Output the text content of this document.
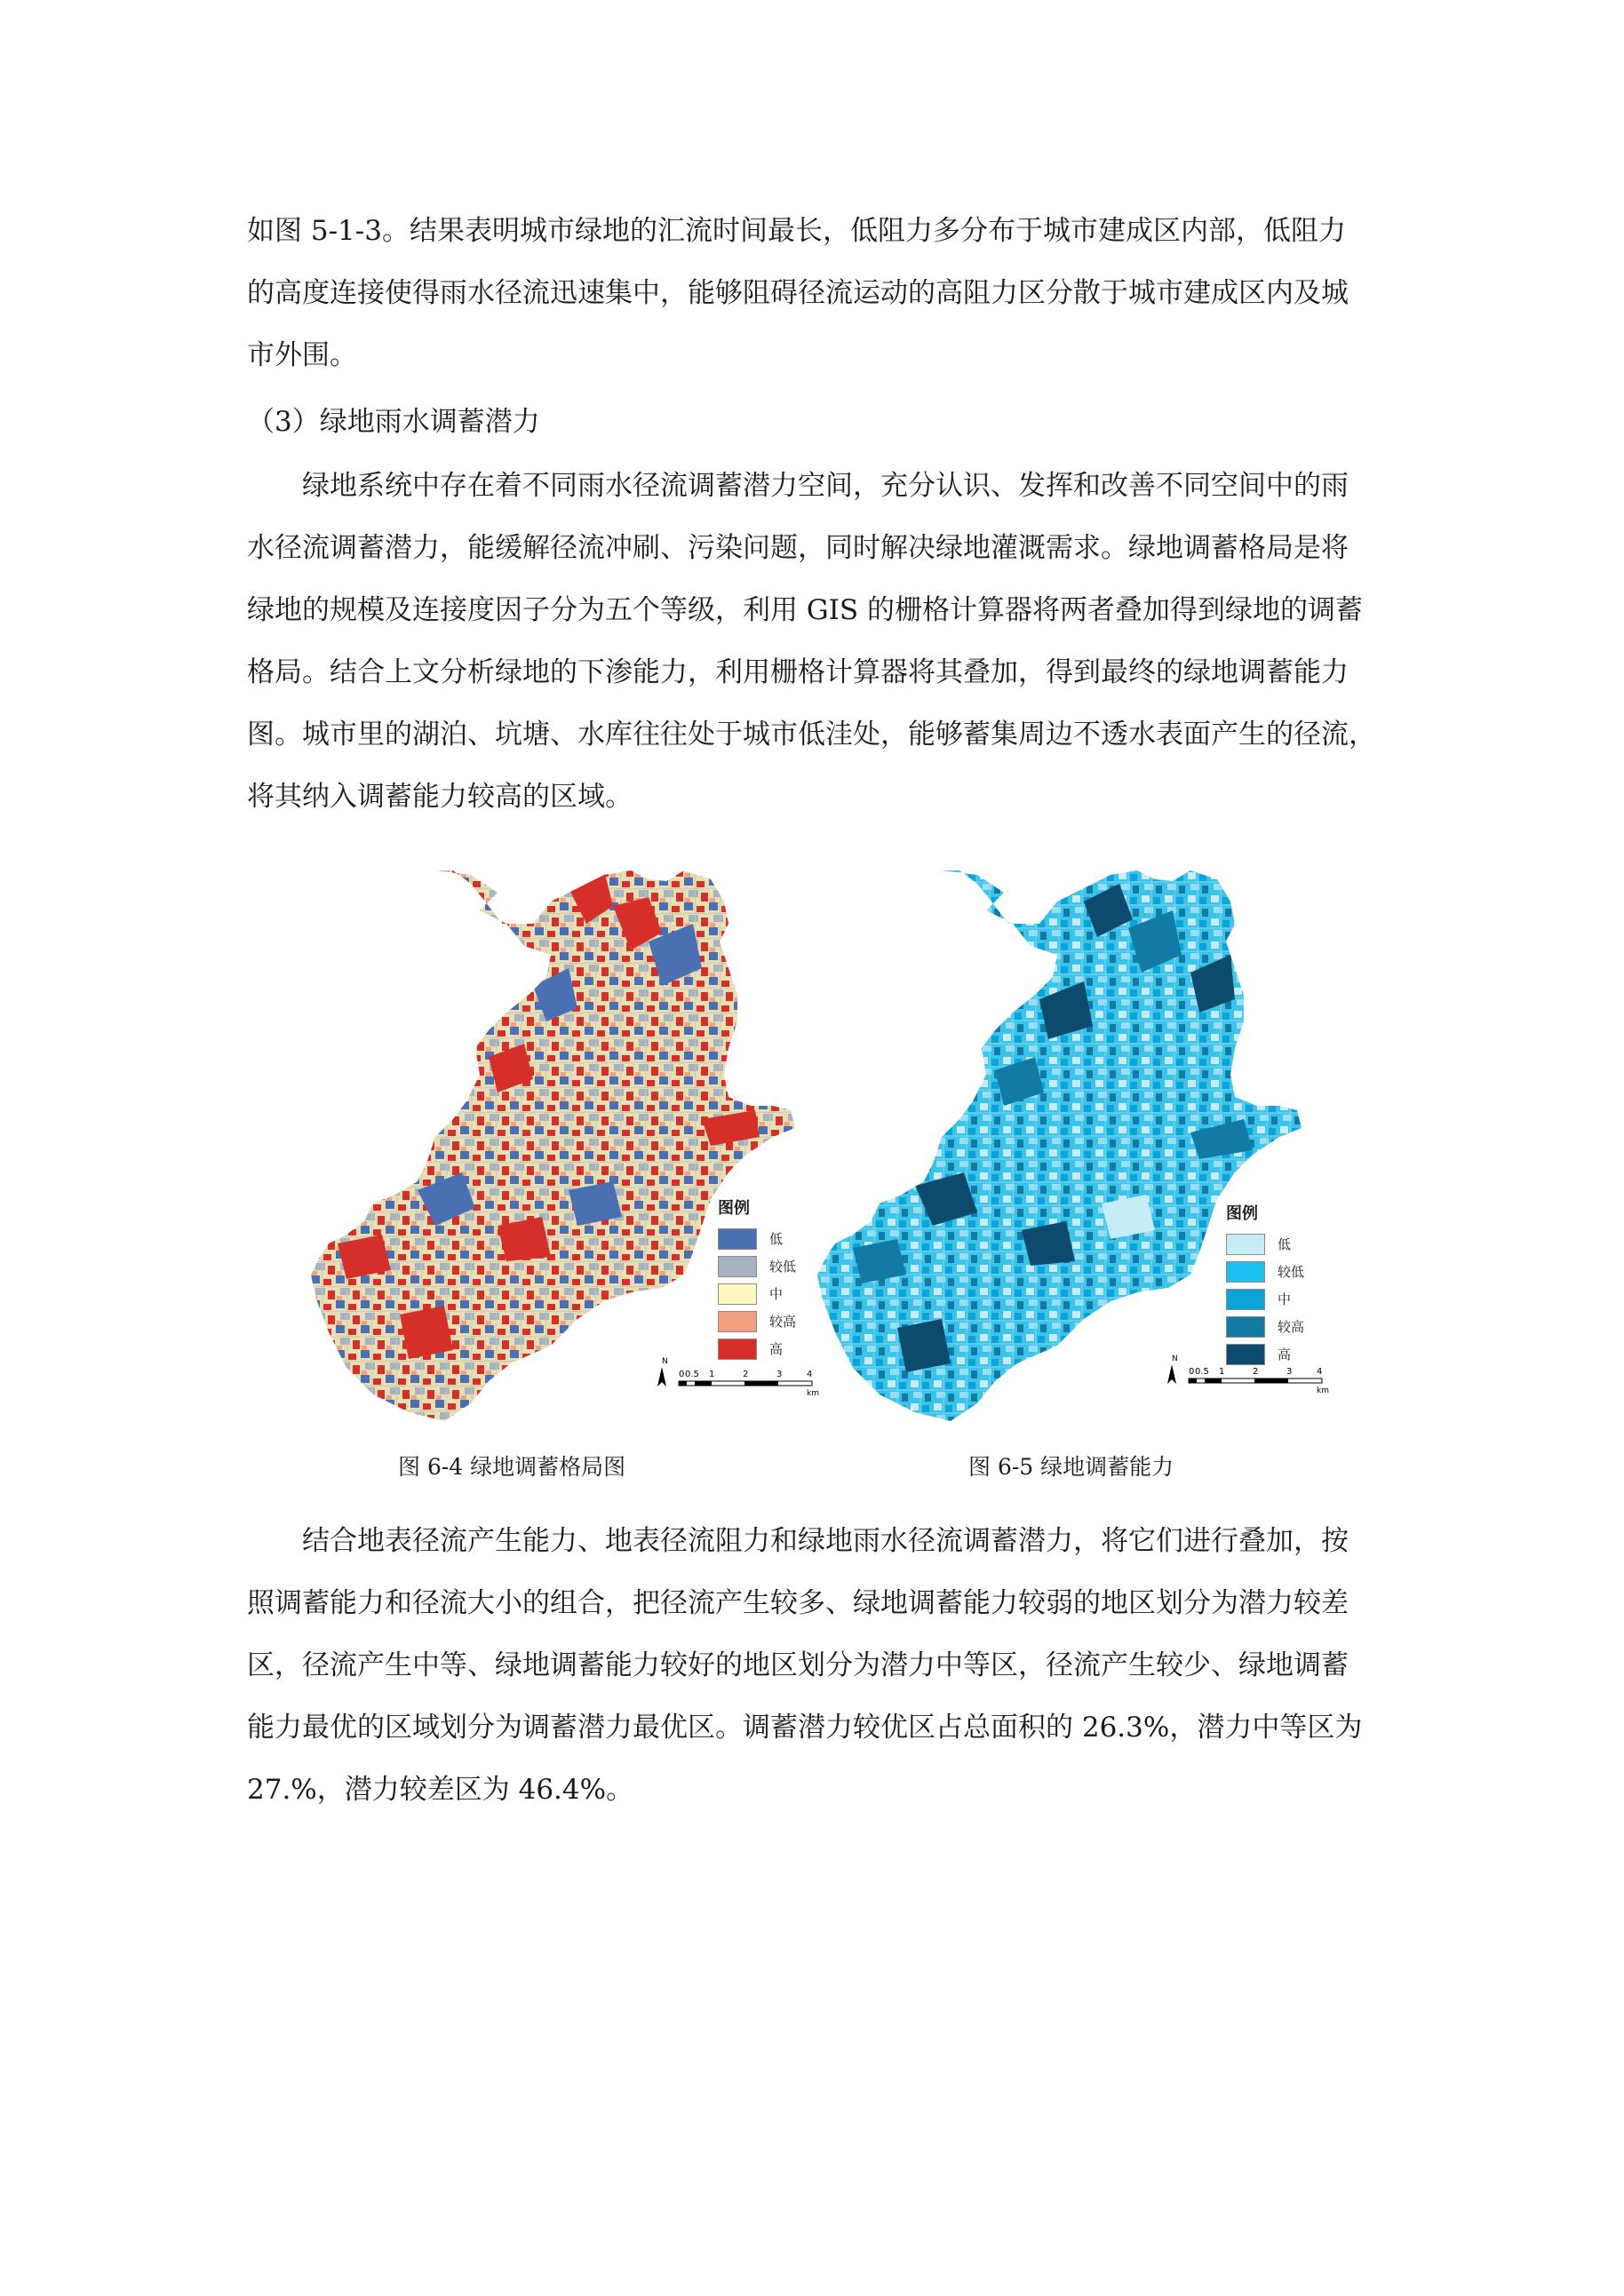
如图 5-1-3。结果表明城市绿地的汇流时间最长，低阻力多分布于城市建成区内部，低阻力
的高度连接使得雨水径流迅速集中，能够阻碍径流运动的高阻力区分散于城市建成区内及城
市外围。
（3）绿地雨水调蓄潜力
绿地系统中存在着不同雨水径流调蓄潜力空间，充分认识、发挥和改善不同空间中的雨
水径流调蓄潜力，能缓解径流冲刷、污染问题，同时解决绿地灌溉需求。绿地调蓄格局是将
绿地的规模及连接度因子分为五个等级，利用 GIS 的栅格计算器将两者叠加得到绿地的调蓄
格局。结合上文分析绿地的下渗能力，利用栅格计算器将其叠加，得到最终的绿地调蓄能力
图。城市里的湖泊、坑塘、水库往往处于城市低洼处，能够蓄集周边不透水表面产生的径流，
将其纳入调蓄能力较高的区域。
图例
低
较低
中
较高
高
N
0 0.5 1	2	3	4
km
图例
低
较低
中
较高
高
N
0 0.5 1	2	3	4
km
图 6-4 绿地调蓄格局图	图 6-5 绿地调蓄能力
结合地表径流产生能力、地表径流阻力和绿地雨水径流调蓄潜力，将它们进行叠加，按
照调蓄能力和径流大小的组合，把径流产生较多、绿地调蓄能力较弱的地区划分为潜力较差
区，径流产生中等、绿地调蓄能力较好的地区划分为潜力中等区，径流产生较少、绿地调蓄
能力最优的区域划分为调蓄潜力最优区。调蓄潜力较优区占总面积的 26.3%，潜力中等区为
27.%，潜力较差区为 46.4%。
